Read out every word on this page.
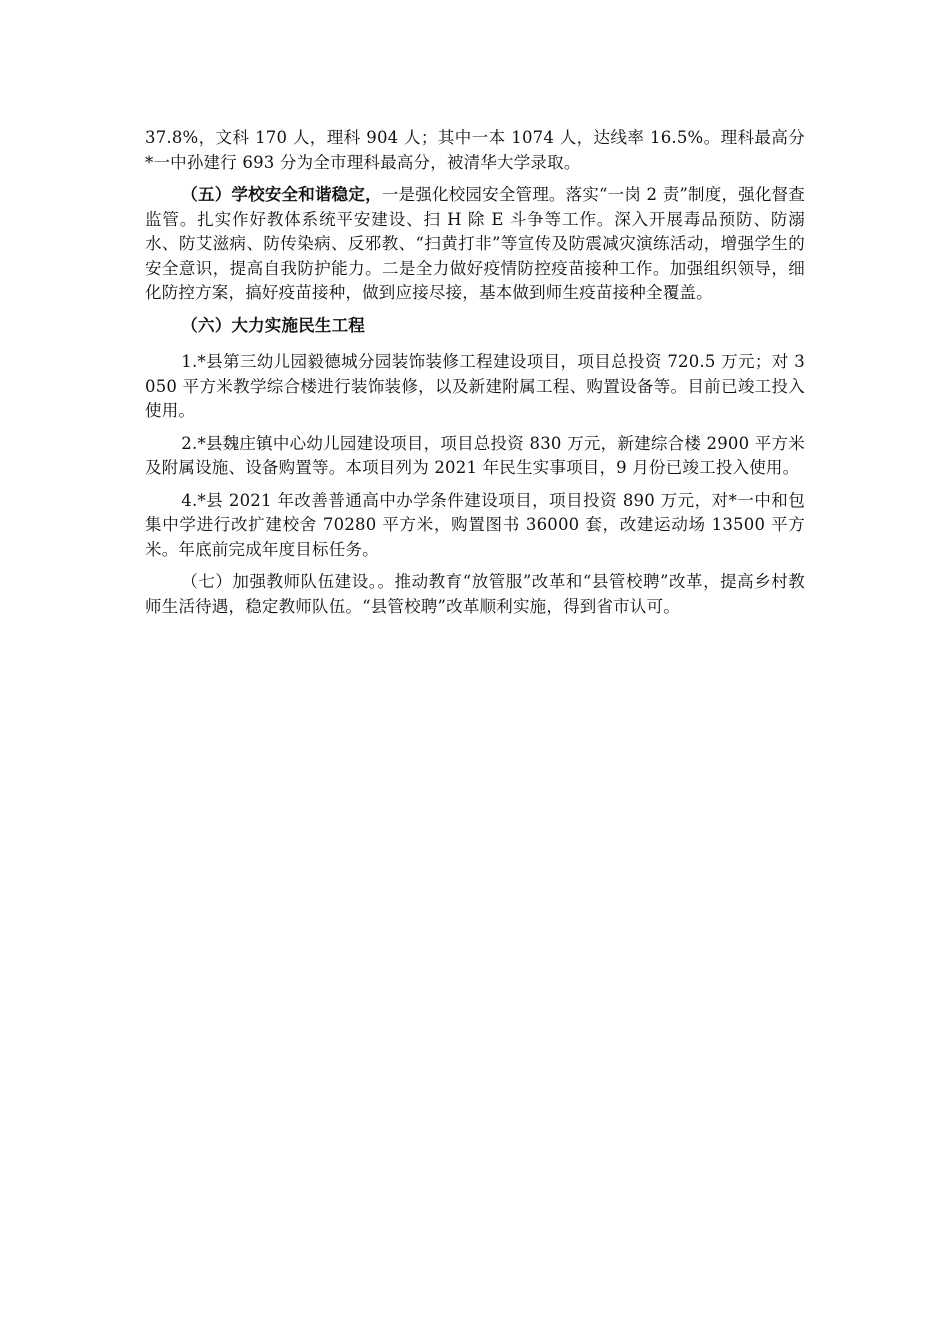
37.8%，文科 170 人，理科 904 人；其中一本 1074 人，达线率 16.5%。理科最高分*一中孙建行 693 分为全市理科最高分，被清华大学录取。

（五）学校安全和谐稳定，一是强化校园安全管理。落实“一岗 2 责”制度，强化督查监管。扎实作好教体系统平安建设、扫 H 除 E 斗争等工作。深入开展毒品预防、防溺水、防艾滋病、防传染病、反邪教、“扫黄打非”等宣传及防震减灾演练活动，增强学生的安全意识，提高自我防护能力。二是全力做好疫情防控疫苗接种工作。加强组织领导，细化防控方案，搞好疫苗接种，做到应接尽接，基本做到师生疫苗接种全覆盖。

（六）大力实施民生工程

1.*县第三幼儿园毅德城分园装饰装修工程建设项目，项目总投资 720.5 万元；对 3050 平方米教学综合楼进行装饰装修，以及新建附属工程、购置设备等。目前已竣工投入使用。

2.*县魏庄镇中心幼儿园建设项目，项目总投资 830 万元，新建综合楼 2900 平方米及附属设施、设备购置等。本项目列为 2021 年民生实事项目，9 月份已竣工投入使用。

4.*县 2021 年改善普通高中办学条件建设项目，项目投资 890 万元，对*一中和包集中学进行改扩建校舍 70280 平方米，购置图书 36000 套，改建运动场 13500 平方米。年底前完成年度目标任务。

（七）加强教师队伍建设。。推动教育“放管服”改革和“县管校聘”改革，提高乡村教师生活待遇，稳定教师队伍。“县管校聘”改革顺利实施，得到省市认可。
